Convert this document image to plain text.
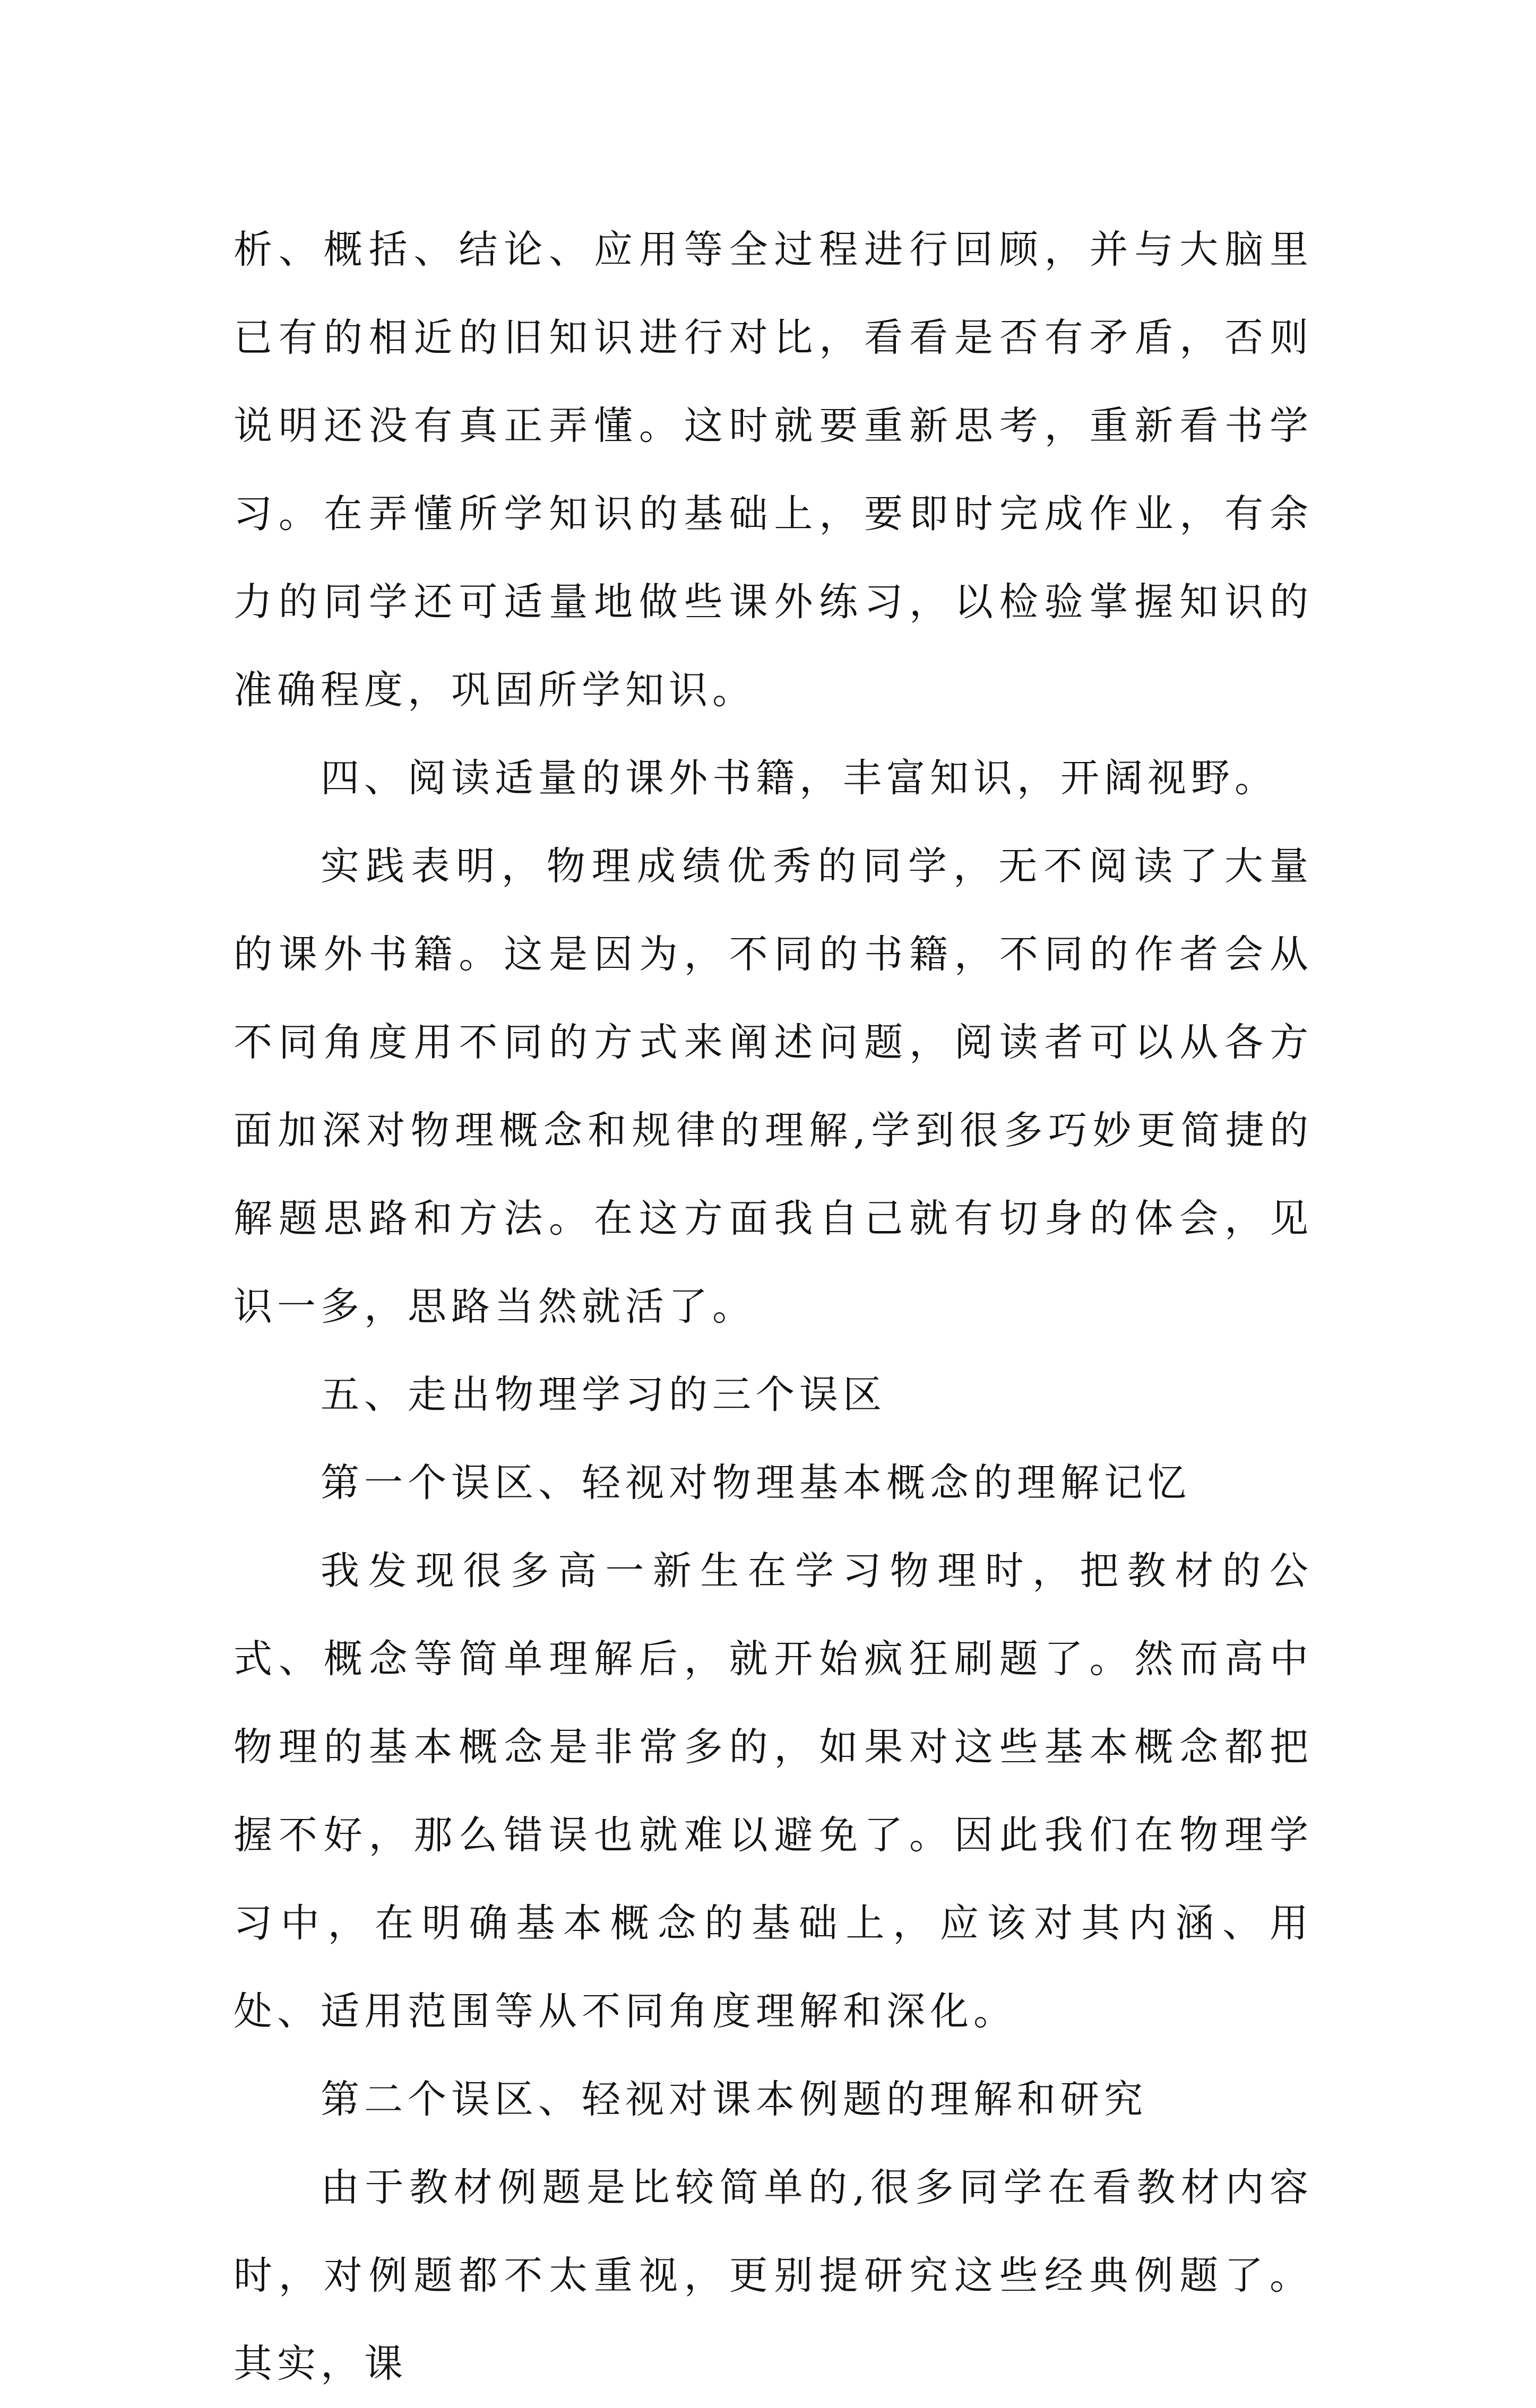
析、概括、结论、应用等全过程进行回顾，并与大脑里已有的相近的旧知识进行对比，看看是否有矛盾，否则说明还没有真正弄懂。这时就要重新思考，重新看书学习。在弄懂所学知识的基础上，要即时完成作业，有余力的同学还可适量地做些课外练习，以检验掌握知识的准确程度，巩固所学知识。

四、阅读适量的课外书籍，丰富知识，开阔视野。

实践表明，物理成绩优秀的同学，无不阅读了大量的课外书籍。这是因为，不同的书籍，不同的作者会从不同角度用不同的方式来阐述问题，阅读者可以从各方面加深对物理概念和规律的理解,学到很多巧妙更简捷的解题思路和方法。在这方面我自己就有切身的体会，见识一多，思路当然就活了。

五、走出物理学习的三个误区

第一个误区、轻视对物理基本概念的理解记忆

我发现很多高一新生在学习物理时，把教材的公式、概念等简单理解后，就开始疯狂刷题了。然而高中物理的基本概念是非常多的，如果对这些基本概念都把握不好，那么错误也就难以避免了。因此我们在物理学习中，在明确基本概念的基础上，应该对其内涵、用处、适用范围等从不同角度理解和深化。

第二个误区、轻视对课本例题的理解和研究

由于教材例题是比较简单的,很多同学在看教材内容时，对例题都不太重视，更别提研究这些经典例题了。其实，课
